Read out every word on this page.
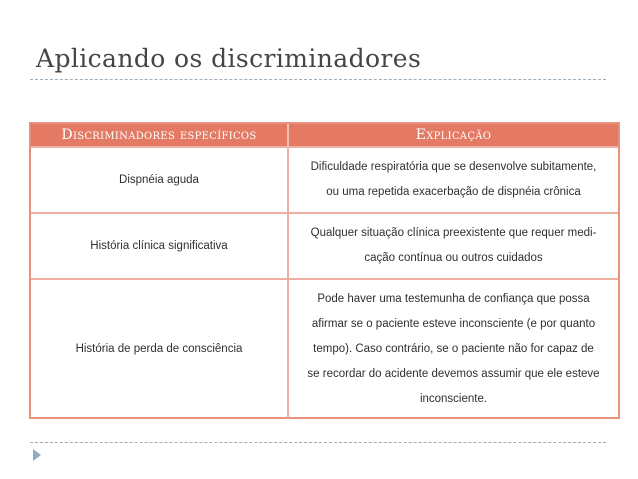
Aplicando os discriminadores
Discriminadores específicos	Explicação
Dispnéia aguda	Dificuldade respiratória que se desenvolve subitamente,
ou uma repetida exacerbação de dispnéia crônica

História clínica significativa	Qualquer situação clínica preexistente que requer medi-
cação contínua ou outros cuidados

História de perda de consciência	Pode haver uma testemunha de confiança que possa
afirmar se o paciente esteve inconsciente (e por quanto
tempo). Caso contrário, se o paciente não for capaz de
se recordar do acidente devemos assumir que ele esteve
inconsciente.
